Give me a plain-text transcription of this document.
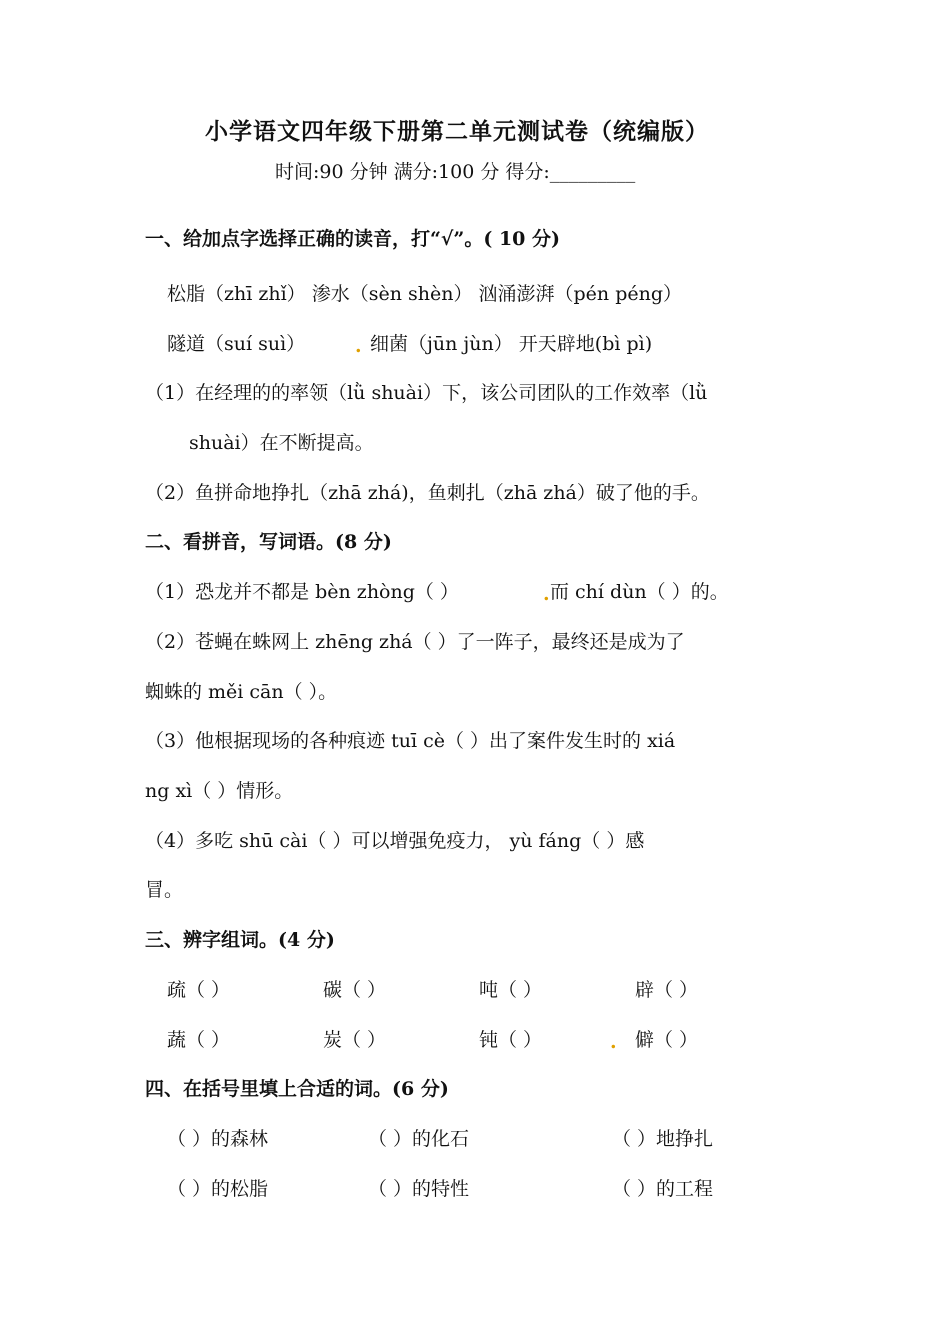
小学语文四年级下册第二单元测试卷（统编版）
时间:90 分钟 满分:100 分 得分:_________
一、给加点字选择正确的读音，打“√”。( 10 分)
松脂（zhī zhǐ） 渗水（sèn shèn） 汹涌澎湃（pén péng）
隧道（suí suì）	. 细菌（jūn jùn） 开天辟地(bì pì)
（1）在经理的的率领（lǜ shuài）下，该公司团队的工作效率（lǜ
shuài）在不断提高。
（2）鱼拼命地挣扎（zhā zhá)，鱼刺扎（zhā zhá）破了他的手。
二、看拼音，写词语。(8 分)
（1）恐龙并不都是 bèn zhòng（ ）	. 而 chí dùn（ ）的。
（2）苍蝇在蛛网上 zhēng zhá（ ）了一阵子，最终还是成为了
蜘蛛的 měi cān（ ）。
（3）他根据现场的各种痕迹 tuī cè（ ）出了案件发生时的 xiá
ng xì（ ）情形。
（4）多吃 shū cài（ ）可以增强免疫力， yù fáng（ ）感
冒。
三、辨字组词。(4 分)
疏（ ）	碳（ ）	吨（ ）	辟（ ）
蔬（ ）	炭（ ）	钝（ ）	. 僻（ ）
四、在括号里填上合适的词。(6 分)
（ ）的森林	（ ）的化石	（ ）地挣扎
（ ）的松脂	（ ）的特性	（ ）的工程
